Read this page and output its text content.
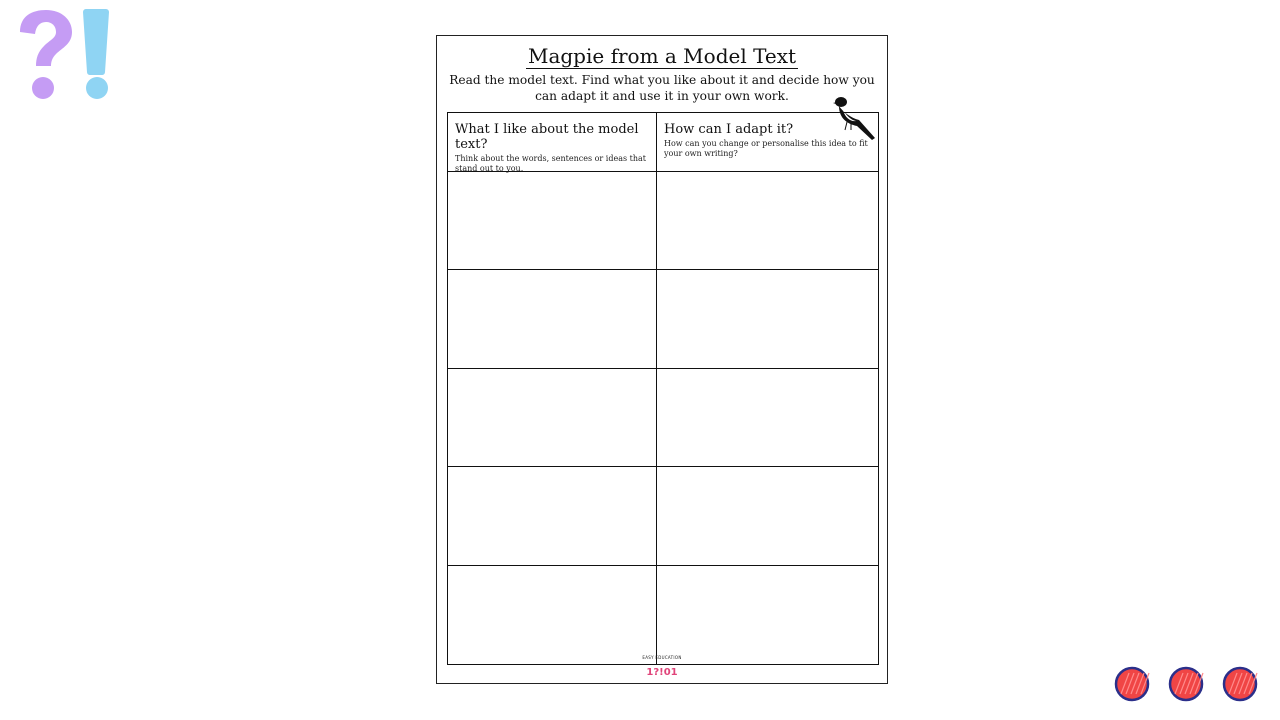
Magpie from a Model Text
Read the model text. Find what you like about it and decide how you can adapt it and use it in your own work.
What I like about the model text?
Think about the words, sentences or ideas that stand out to you.
How can I adapt it?
How can you change or personalise this idea to fit your own writing?
EASY EDUCATION
1?!01
